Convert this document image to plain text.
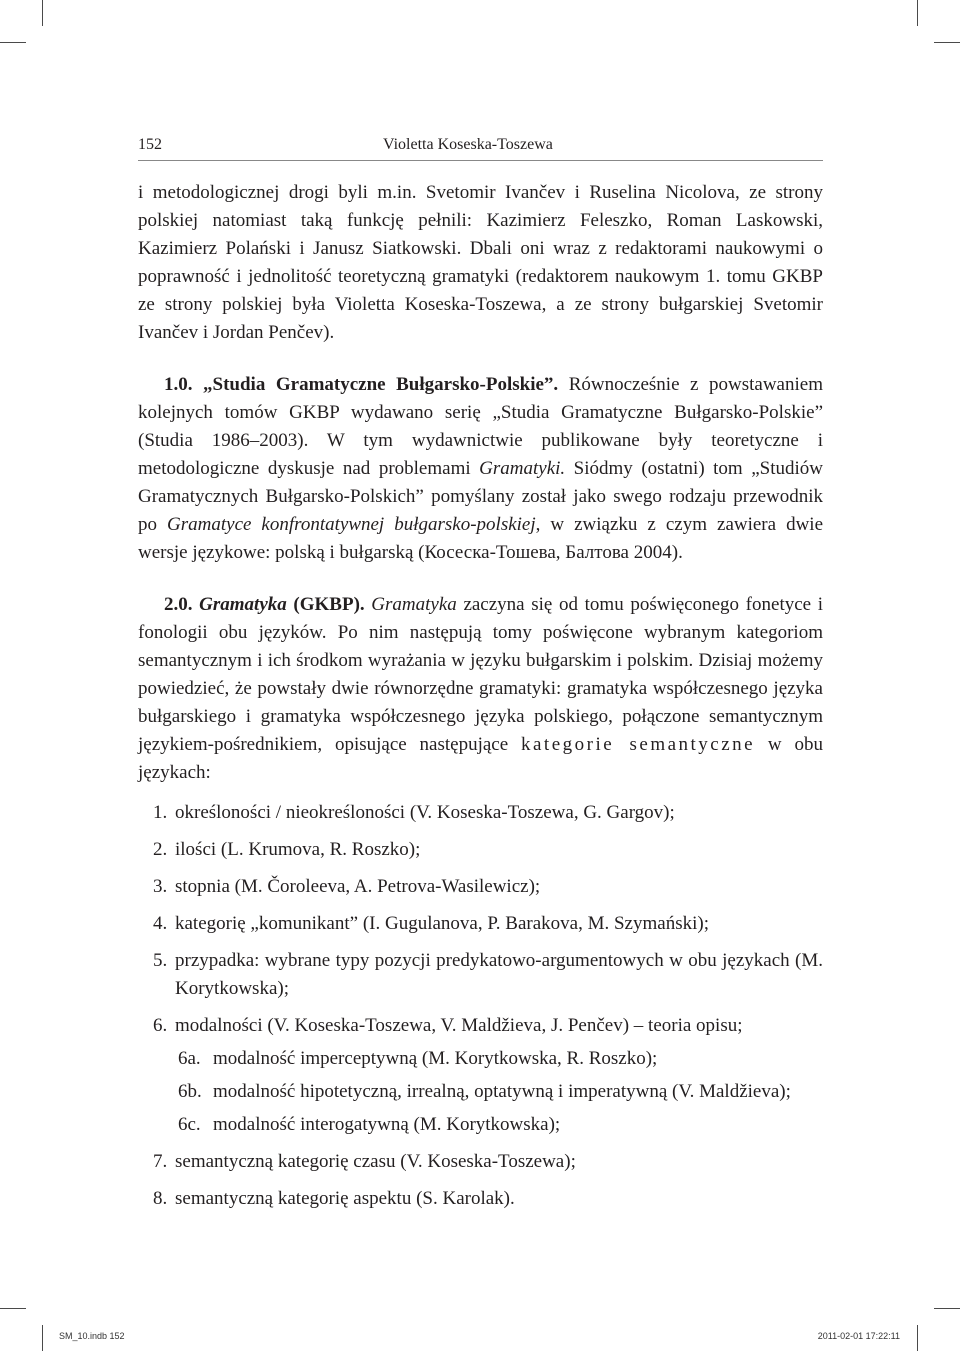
152	Violetta Koseska-Toszewa

i metodologicznej drogi byli m.in. Svetomir Ivančev i Ruselina Nicolova, ze strony polskiej natomiast taką funkcję pełnili: Kazimierz Feleszko, Roman Laskowski, Kazimierz Polański i Janusz Siatkowski. Dbali oni wraz z redaktorami naukowymi o poprawność i jednolitość teoretyczną gramatyki (redaktorem naukowym 1. tomu GKBP ze strony polskiej była Violetta Koseska-Toszewa, a ze strony bułgarskiej Svetomir Ivančev i Jordan Penčev).

1.0. „Studia Gramatyczne Bułgarsko-Polskie”. Równocześnie z powstawaniem kolejnych tomów GKBP wydawano serię „Studia Gramatyczne Bułgarsko-Polskie” (Studia 1986–2003). W tym wydawnictwie publikowane były teoretyczne i metodologiczne dyskusje nad problemami Gramatyki. Siódmy (ostatni) tom „Studiów Gramatycznych Bułgarsko-Polskich” pomyślany został jako swego rodzaju przewodnik po Gramatyce konfrontatywnej bułgarsko-polskiej, w związku z czym zawiera dwie wersje językowe: polską i bułgarską (Косеска-Тошева, Балтова 2004).

2.0. Gramatyka (GKBP). Gramatyka zaczyna się od tomu poświęconego fonetyce i fonologii obu języków. Po nim następują tomy poświęcone wybranym kategoriom semantycznym i ich środkom wyrażania w języku bułgarskim i polskim. Dzisiaj możemy powiedzieć, że powstały dwie równorzędne gramatyki: gramatyka współczesnego języka bułgarskiego i gramatyka współczesnego języka polskiego, połączone semantycznym językiem-pośrednikiem, opisujące następujące kategorie semantyczne w obu językach:

1. określoności / nieokreśloności (V. Koseska-Toszewa, G. Gargov);
2. ilości (L. Krumova, R. Roszko);
3. stopnia (M. Čoroleeva, A. Petrova-Wasilewicz);
4. kategorię „komunikant” (I. Gugulanova, P. Barakova, M. Szymański);
5. przypadka: wybrane typy pozycji predykatowo-argumentowych w obu językach (M. Korytkowska);
6. modalności (V. Koseska-Toszewa, V. Maldžieva, J. Penčev) – teoria opisu;
6a. modalność imperceptywną (M. Korytkowska, R. Roszko);
6b. modalność hipotetyczną, irrealną, optatywną i imperatywną (V. Maldžieva);
6c. modalność interogatywną (M. Korytkowska);
7. semantyczną kategorię czasu (V. Koseska-Toszewa);
8. semantyczną kategorię aspektu (S. Karolak).
SM_10.indb 152	2011-02-01 17:22:11
